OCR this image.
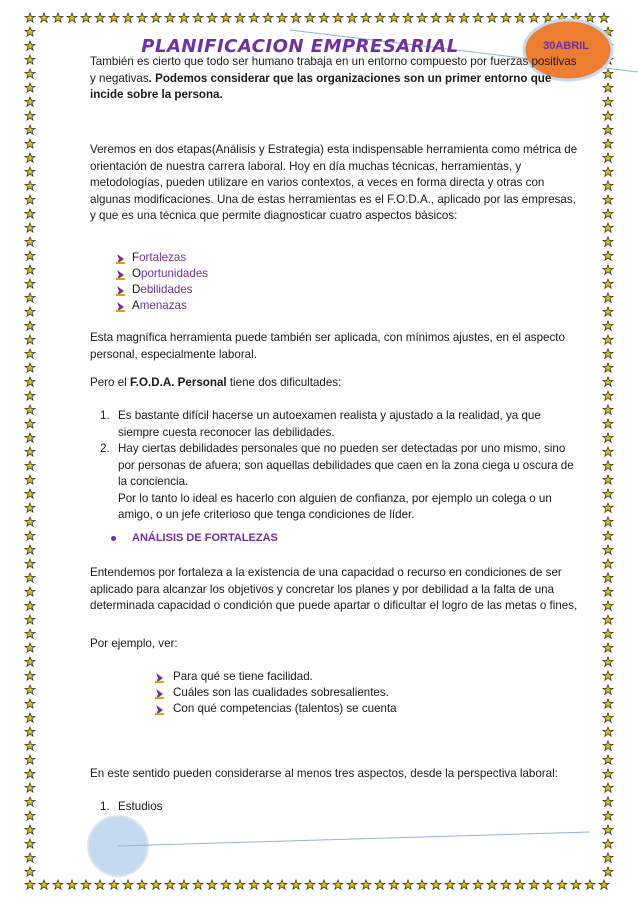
PLANIFICACION EMPRESARIAL	30ABRIL

También es cierto que todo ser humano trabaja en un entorno compuesto por fuerzas positivas y negativas. Podemos considerar que las organizaciones son un primer entorno que incide sobre la persona.

Veremos en dos etapas(Análisis y Estrategia) esta indispensable herramienta como métrica de orientación de nuestra carrera laboral. Hoy en día muchas técnicas, herramientas, y metodologías, pueden utilizare en varios contextos, a veces en forma directa y otras con algunas modificaciones. Una de estas herramientas es el F.O.D.A., aplicado por las empresas, y que es una técnica que permite diagnosticar cuatro aspectos básicos:

Fortalezas
Oportunidades
Debilidades
Amenazas

Esta magnífica herramienta puede también ser aplicada, con mínimos ajustes, en el aspecto personal, especialmente laboral.

Pero el F.O.D.A. Personal tiene dos dificultades:

1. Es bastante difícil hacerse un autoexamen realista y ajustado a la realidad, ya que siempre cuesta reconocer las debilidades.
2. Hay ciertas debilidades personales que no pueden ser detectadas por uno mismo, sino por personas de afuera; son aquellas debilidades que caen en la zona ciega u oscura de la conciencia.
Por lo tanto lo ideal es hacerlo con alguien de confianza, por ejemplo un colega o un amigo, o un jefe criterioso que tenga condiciones de líder.
ANÁLISIS DE FORTALEZAS

Entendemos por fortaleza a la existencia de una capacidad o recurso en condiciones de ser aplicado para alcanzar los objetivos y concretar los planes y por debilidad a la falta de una determinada capacidad o condición que puede apartar o dificultar el logro de las metas o fines,

Por ejemplo, ver:

Para qué se tiene facilidad.
Cuáles son las cualidades sobresalientes.
Con qué competencias (talentos) se cuenta

En este sentido pueden considerarse al menos tres aspectos, desde la perspectiva laboral:

1. Estudios
